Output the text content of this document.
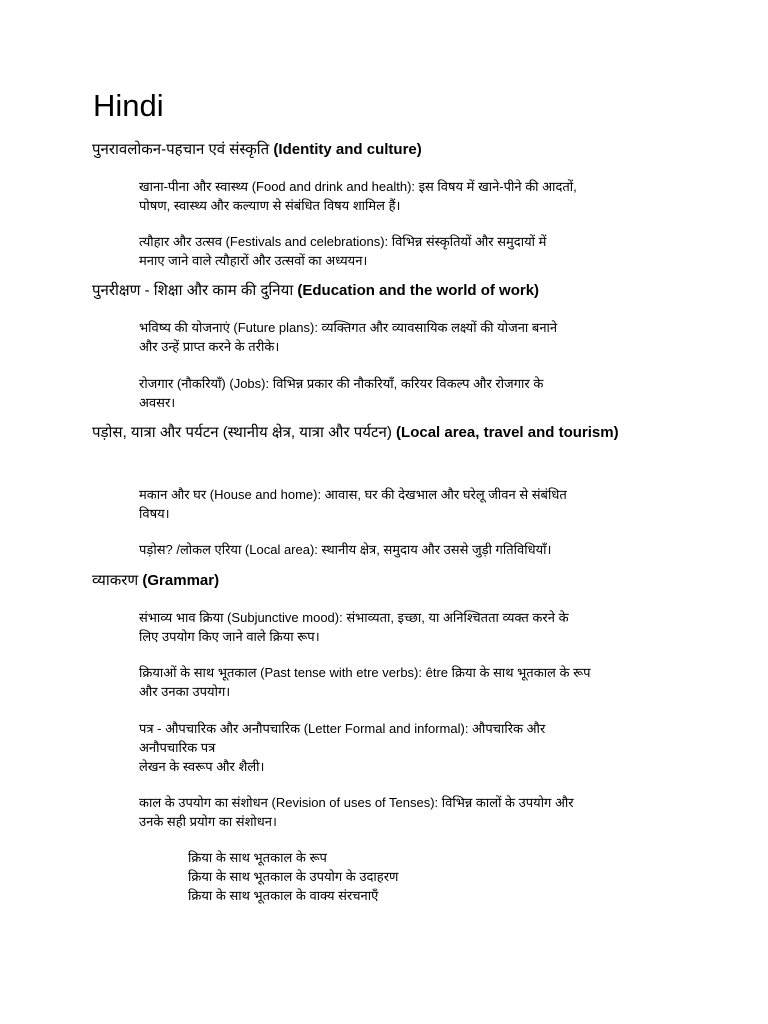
Hindi

पुनरावलोकन-पहचान एवं संस्कृति (Identity and culture)

खाना-पीना और स्वास्थ्य (Food and drink and health): इस विषय में खाने-पीने की आदतों,
पोषण, स्वास्थ्य और कल्याण से संबंधित विषय शामिल हैं।

त्यौहार और उत्सव (Festivals and celebrations): विभिन्न संस्कृतियों और समुदायों में
मनाए जाने वाले त्यौहारों और उत्सवों का अध्ययन।

पुनरीक्षण - शिक्षा और काम की दुनिया (Education and the world of work)

भविष्य की योजनाएं (Future plans): व्यक्तिगत और व्यावसायिक लक्ष्यों की योजना बनाने
और उन्हें प्राप्त करने के तरीके।

रोजगार (नौकरियाँ) (Jobs): विभिन्न प्रकार की नौकरियाँ, करियर विकल्प और रोजगार के
अवसर।

पड़ोस, यात्रा और पर्यटन (स्थानीय क्षेत्र, यात्रा और पर्यटन) (Local area, travel and tourism)

मकान और घर (House and home): आवास, घर की देखभाल और घरेलू जीवन से संबंधित
विषय।

पड़ोस? /लोकल एरिया (Local area): स्थानीय क्षेत्र, समुदाय और उससे जुड़ी गतिविधियाँ।

व्याकरण (Grammar)

संभाव्य भाव क्रिया (Subjunctive mood): संभाव्यता, इच्छा, या अनिश्चितता व्यक्त करने के
लिए उपयोग किए जाने वाले क्रिया रूप।

क्रियाओं के साथ भूतकाल (Past tense with etre verbs): être क्रिया के साथ भूतकाल के रूप
और उनका उपयोग।

पत्र - औपचारिक और अनौपचारिक (Letter Formal and informal): औपचारिक और
अनौपचारिक पत्र
लेखन के स्वरूप और शैली।

काल के उपयोग का संशोधन (Revision of uses of Tenses): विभिन्न कालों के उपयोग और
उनके सही प्रयोग का संशोधन।

क्रिया के साथ भूतकाल के रूप
क्रिया के साथ भूतकाल के उपयोग के उदाहरण
क्रिया के साथ भूतकाल के वाक्य संरचनाएँ
